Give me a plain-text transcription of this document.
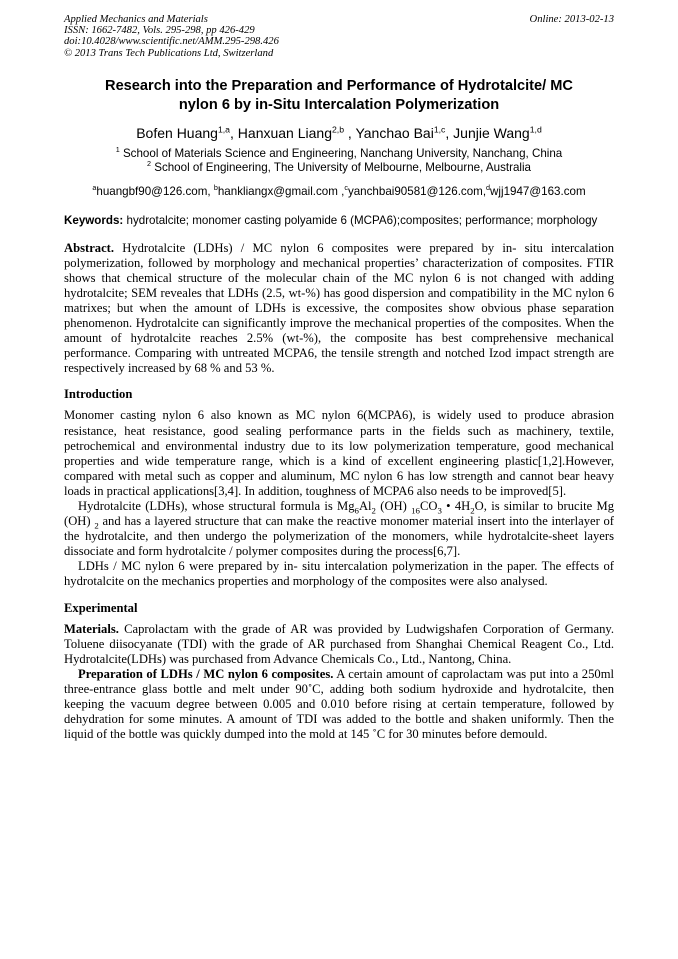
Applied Mechanics and Materials
ISSN: 1662-7482, Vols. 295-298, pp 426-429
doi:10.4028/www.scientific.net/AMM.295-298.426
© 2013 Trans Tech Publications Ltd, Switzerland
Online: 2013-02-13
Research into the Preparation and Performance of Hydrotalcite/ MC
nylon 6 by in-Situ Intercalation Polymerization
Bofen Huang$^{1,a}$, Hanxuan Liang$^{2,b}$ , Yanchao Bai$^{1,c}$, Junjie Wang$^{1,d}$
$^1$ School of Materials Science and Engineering, Nanchang University, Nanchang, China
$^2$ School of Engineering, The University of Melbourne, Melbourne, Australia
$^a$huangbf90@126.com, $^b$hankliangx@gmail.com ,$^c$yanchbai90581@126.com,$^d$wjj1947@163.com
Keywords: hydrotalcite; monomer casting polyamide 6 (MCPA6);composites; performance; morphology
Abstract. Hydrotalcite (LDHs) / MC nylon 6 composites were prepared by in- situ intercalation polymerization, followed by morphology and mechanical properties’ characterization of composites. FTIR shows that chemical structure of the molecular chain of the MC nylon 6 is not changed with adding hydrotalcite; SEM reveales that LDHs (2.5, wt-%) has good dispersion and compatibility in the MC nylon 6 matrixes; but when the amount of LDHs is excessive, the composites show obvious phase separation phenomenon. Hydrotalcite can significantly improve the mechanical properties of the composites. When the amount of hydrotalcite reaches 2.5% (wt-%), the composite has best comprehensive mechanical performance. Comparing with untreated MCPA6, the tensile strength and notched Izod impact strength are respectively increased by 68 % and 53 %.
Introduction

Monomer casting nylon 6 also known as MC nylon 6(MCPA6), is widely used to produce abrasion resistance, heat resistance, good sealing performance parts in the fields such as machinery, textile, petrochemical and environmental industry due to its low polymerization temperature, good mechanical properties and wide temperature range, which is a kind of excellent engineering plastic[1,2].However, compared with metal such as copper and aluminum, MC nylon 6 has low strength and cannot bear heavy loads in practical applications[3,4]. In addition, toughness of MCPA6 also needs to be improved[5].

Hydrotalcite (LDHs), whose structural formula is $Mg_6Al_2$ (OH) $_{16}CO_3$ • $4H_2O$, is similar to brucite Mg (OH) $_2$ and has a layered structure that can make the reactive monomer material insert into the interlayer of the hydrotalcite, and then undergo the polymerization of the monomers, while hydrotalcite-sheet layers dissociate and form hydrotalcite / polymer composites during the process[6,7].

LDHs / MC nylon 6 were prepared by in- situ intercalation polymerization in the paper. The effects of hydrotalcite on the mechanics properties and morphology of the composites were also analysed.

Experimental

Materials. Caprolactam with the grade of AR was provided by Ludwigshafen Corporation of Germany. Toluene diisocyanate (TDI) with the grade of AR purchased from Shanghai Chemical Reagent Co., Ltd. Hydrotalcite(LDHs) was purchased from Advance Chemicals Co., Ltd., Nantong, China.

Preparation of LDHs / MC nylon 6 composites. A certain amount of caprolactam was put into a 250ml three-entrance glass bottle and melt under 90˚C, adding both sodium hydroxide and hydrotalcite, then keeping the vacuum degree between 0.005 and 0.010 before rising at certain temperature, followed by dehydration for some minutes. A amount of TDI was added to the bottle and shaken uniformly. Then the liquid of the bottle was quickly dumped into the mold at 145 ˚C for 30 minutes before demould.
